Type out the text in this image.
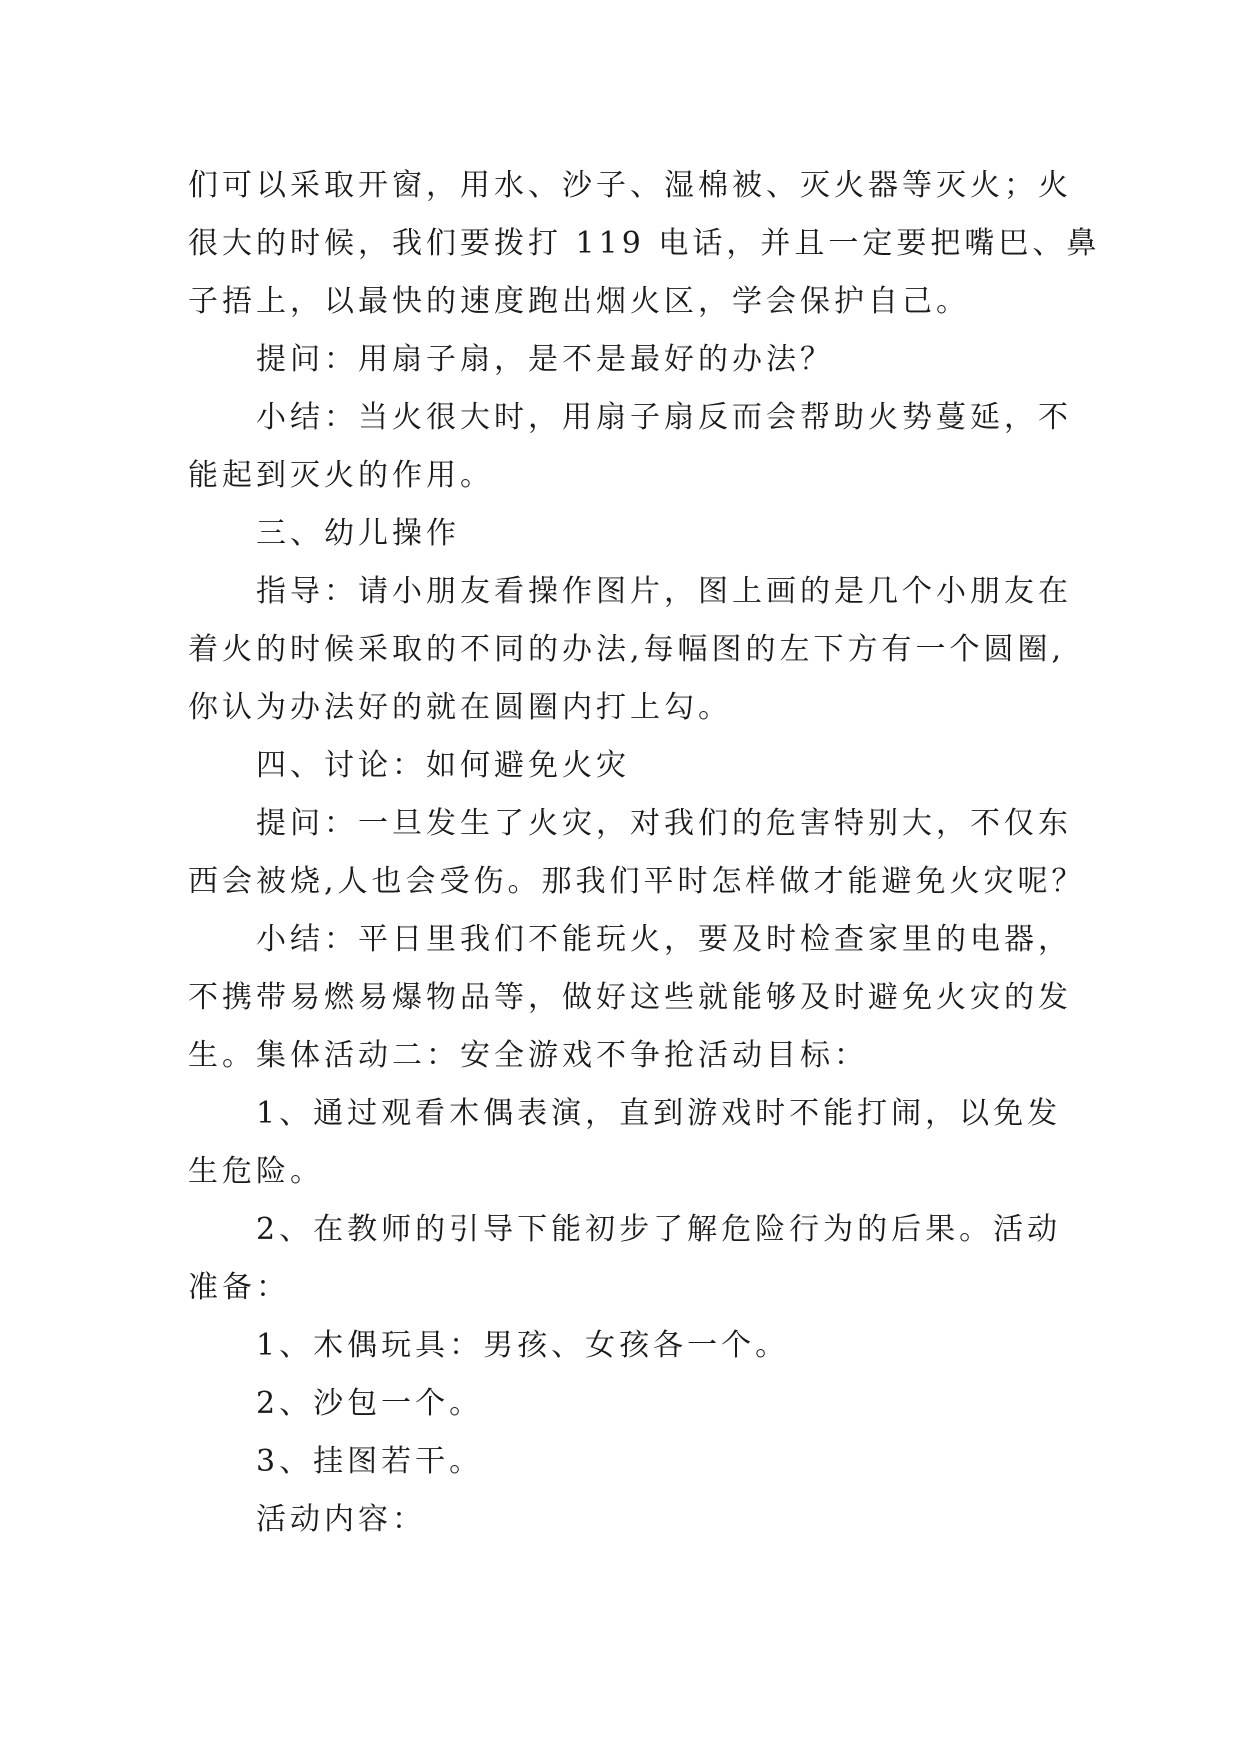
们可以采取开窗，用水、沙子、湿棉被、灭火器等灭火；火
很大的时候，我们要拨打 119 电话，并且一定要把嘴巴、鼻
子捂上，以最快的速度跑出烟火区，学会保护自己。
提问：用扇子扇，是不是最好的办法？
小结：当火很大时，用扇子扇反而会帮助火势蔓延，不
能起到灭火的作用。
三、幼儿操作
指导：请小朋友看操作图片，图上画的是几个小朋友在
着火的时候采取的不同的办法,每幅图的左下方有一个圆圈,
你认为办法好的就在圆圈内打上勾。
四、讨论：如何避免火灾
提问：一旦发生了火灾，对我们的危害特别大，不仅东
西会被烧,人也会受伤。那我们平时怎样做才能避免火灾呢？
小结：平日里我们不能玩火，要及时检查家里的电器，
不携带易燃易爆物品等，做好这些就能够及时避免火灾的发
生。集体活动二：安全游戏不争抢活动目标：
1、通过观看木偶表演，直到游戏时不能打闹，以免发
生危险。
2、在教师的引导下能初步了解危险行为的后果。活动
准备：
1、木偶玩具：男孩、女孩各一个。
2、沙包一个。
3、挂图若干。
活动内容：
